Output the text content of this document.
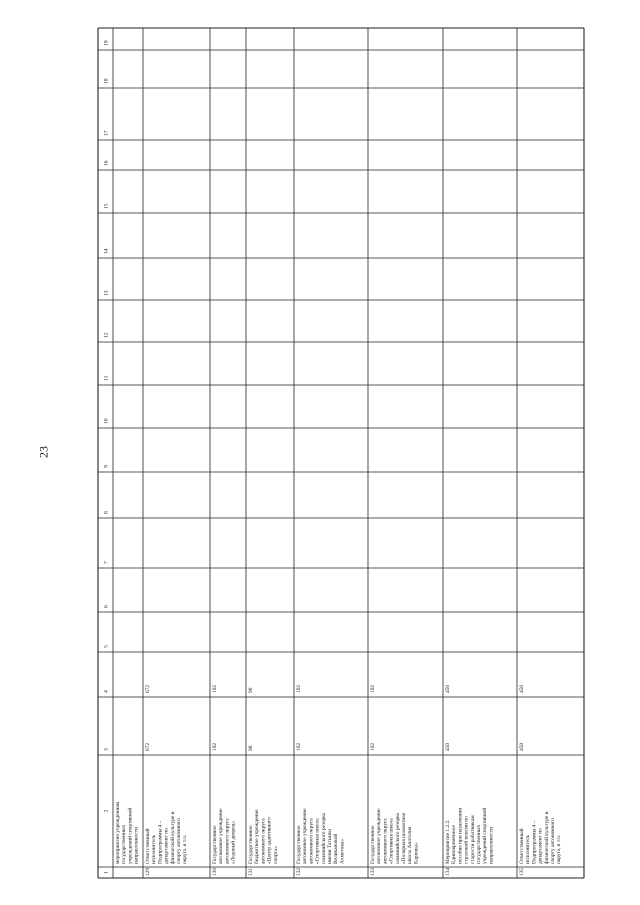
23
1
2
3
4
5
6
7
8
9
10
11
12
13
14
15
16
17
18
19
мероприятия учреждениям государственных учреждений спортивной направленности
129
Ответственный исполнитель Подпрограммы 4 – департамент по физической культуре и спорту автономного округа, в т.ч.
672
672
130
Государственное автономное учреждение автономного округа «Ледовый дворец»
192
192
131
Государственное бюджетное учреждение автономного округа «Центр адаптивного спорта»
96
96
132
Государственное автономное учреждение автономного округа «Спортивная школа олимпийского резерва имени Татьяны Великановой Ахметова»
192
192
133
Государственное автономное учреждение автономного округа «Спортивная школа олимпийского резерва «Полярная шахматная школа Анатолия Карпова»
192
192
134
Мероприятие 1.2.2. Единовременное пособие при назначении страховой пенсии по старости работникам государственных учреждений спортивной направленности
450
450
135
Ответственный исполнитель Подпрограммы 4 – департамент по физической культуре и спорту автономного округа, в т.ч.
450
450
